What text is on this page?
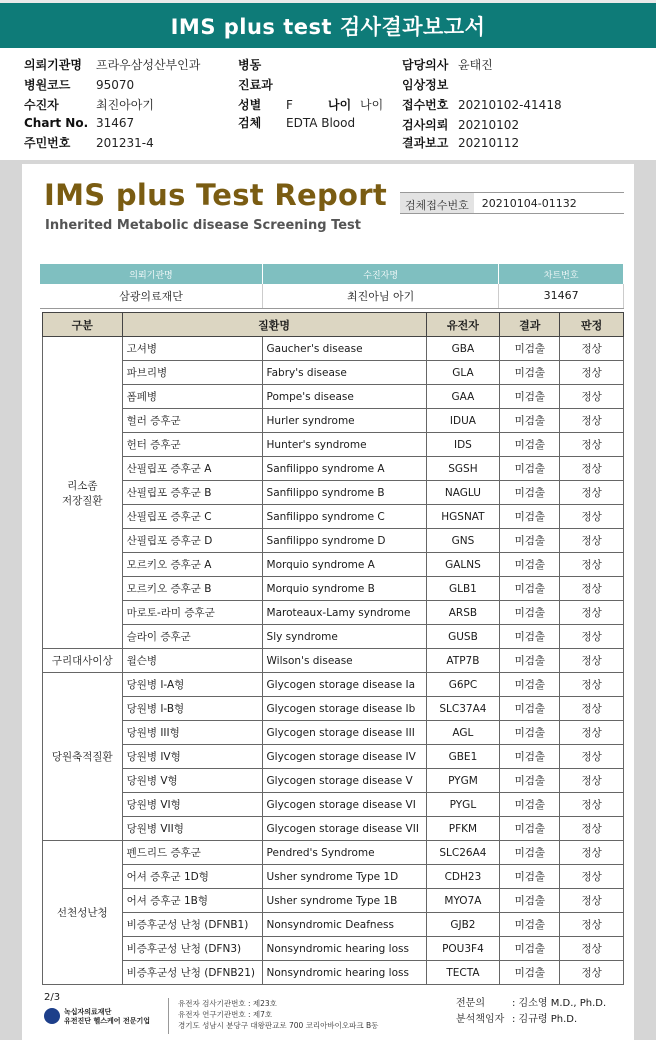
IMS plus test 검사결과보고서
의뢰기관명 프라우삼성산부인과
병원코드 95070
수진자	최진아아기
Chart No. 31467
주민번호 201231-4
병동
진료과
성별 F	나이 나이
검체 EDTA Blood
담당의사 윤태진
임상정보
접수번호 20210102-41418
검사의뢰 20210102
결과보고 20210112
IMS plus Test Report
Inherited Metabolic disease Screening Test
검체접수번호	20210104-01132
의뢰기관명	수진자명	차트번호
삼광의료재단	최진아님 아기	31467
구분	질환명		유전자	결과	판정
리소좀
저장질환	고셔병	Gaucher's disease	GBA	미검출	정상
	파브리병	Fabry's disease	GLA	미검출	정상
	폼페병	Pompe's disease	GAA	미검출	정상
	헐러 증후군	Hurler syndrome	IDUA	미검출	정상
	헌터 증후군	Hunter's syndrome	IDS	미검출	정상
	산필립포 증후군 A	Sanfilippo syndrome A	SGSH	미검출	정상
	산필립포 증후군 B	Sanfilippo syndrome B	NAGLU	미검출	정상
	산필립포 증후군 C	Sanfilippo syndrome C	HGSNAT	미검출	정상
	산필립포 증후군 D	Sanfilippo syndrome D	GNS	미검출	정상
	모르키오 증후군 A	Morquio syndrome A	GALNS	미검출	정상
	모르키오 증후군 B	Morquio syndrome B	GLB1	미검출	정상
	마로토-라미 증후군	Maroteaux-Lamy syndrome	ARSB	미검출	정상
	슬라이 증후군	Sly syndrome	GUSB	미검출	정상
구리대사이상	윌슨병	Wilson's disease	ATP7B	미검출	정상
당원축적질환	당원병 I-A형	Glycogen storage disease Ia	G6PC	미검출	정상
	당원병 I-B형	Glycogen storage disease Ib	SLC37A4	미검출	정상
	당원병 III형	Glycogen storage disease III	AGL	미검출	정상
	당원병 IV형	Glycogen storage disease IV	GBE1	미검출	정상
	당원병 V형	Glycogen storage disease V	PYGM	미검출	정상
	당원병 VI형	Glycogen storage disease VI	PYGL	미검출	정상
	당원병 VII형	Glycogen storage disease VII	PFKM	미검출	정상
선천성난청	펜드리드 증후군	Pendred's Syndrome	SLC26A4	미검출	정상
	어셔 증후군 1D형	Usher syndrome Type 1D	CDH23	미검출	정상
	어셔 증후군 1B형	Usher syndrome Type 1B	MYO7A	미검출	정상
	비증후군성 난청 (DFNB1)	Nonsyndromic Deafness	GJB2	미검출	정상
	비증후군성 난청 (DFN3)	Nonsyndromic hearing loss	POU3F4	미검출	정상
	비증후군성 난청 (DFNB21)	Nonsyndromic hearing loss	TECTA	미검출	정상
2/3
녹십자의료재단
유전진단 헬스케어 전문기업
유전자 검사기관번호 : 제23호
유전자 연구기관번호 : 제7호
경기도 성남시 분당구 대왕판교로 700 코리아바이오파크 B동
전문의	: 김소영 M.D., Ph.D.
분석책임자 : 김규령 Ph.D.
